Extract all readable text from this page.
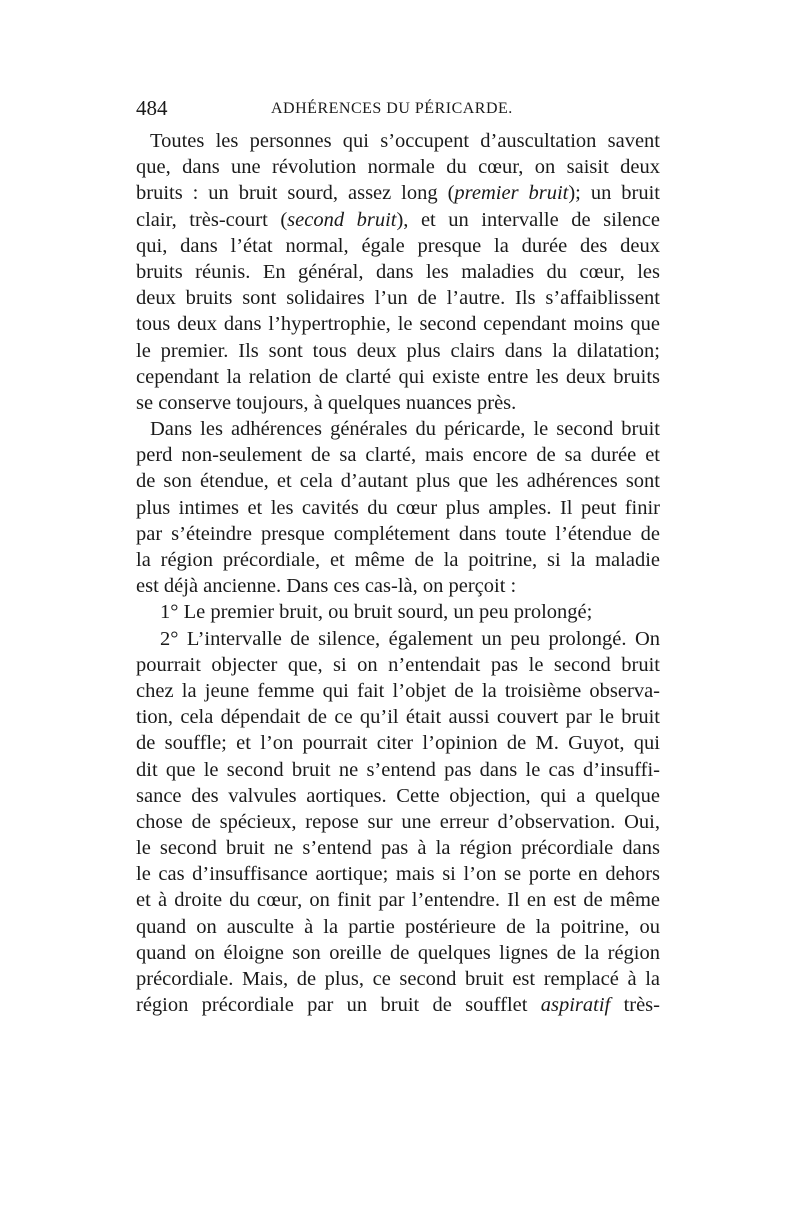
484	ADHÉRENCES DU PÉRICARDE.
Toutes les personnes qui s’occupent d’auscultation savent
que, dans une révolution normale du cœur, on saisit deux
bruits : un bruit sourd, assez long (premier bruit); un bruit
clair, très-court (second bruit), et un intervalle de silence
qui, dans l’état normal, égale presque la durée des deux
bruits réunis. En général, dans les maladies du cœur, les
deux bruits sont solidaires l’un de l’autre. Ils s’affaiblissent
tous deux dans l’hypertrophie, le second cependant moins que
le premier. Ils sont tous deux plus clairs dans la dilatation;
cependant la relation de clarté qui existe entre les deux bruits
se conserve toujours, à quelques nuances près.
Dans les adhérences générales du péricarde, le second bruit
perd non-seulement de sa clarté, mais encore de sa durée et
de son étendue, et cela d’autant plus que les adhérences sont
plus intimes et les cavités du cœur plus amples. Il peut finir
par s’éteindre presque complétement dans toute l’étendue de
la région précordiale, et même de la poitrine, si la maladie
est déjà ancienne. Dans ces cas-là, on perçoit :
1° Le premier bruit, ou bruit sourd, un peu prolongé;
2° L’intervalle de silence, également un peu prolongé. On
pourrait objecter que, si on n’entendait pas le second bruit
chez la jeune femme qui fait l’objet de la troisième observa-
tion, cela dépendait de ce qu’il était aussi couvert par le bruit
de souffle; et l’on pourrait citer l’opinion de M. Guyot, qui
dit que le second bruit ne s’entend pas dans le cas d’insuffi-
sance des valvules aortiques. Cette objection, qui a quelque
chose de spécieux, repose sur une erreur d’observation. Oui,
le second bruit ne s’entend pas à la région précordiale dans
le cas d’insuffisance aortique; mais si l’on se porte en dehors
et à droite du cœur, on finit par l’entendre. Il en est de même
quand on ausculte à la partie postérieure de la poitrine, ou
quand on éloigne son oreille de quelques lignes de la région
précordiale. Mais, de plus, ce second bruit est remplacé à la
région précordiale par un bruit de soufflet aspiratif très-
